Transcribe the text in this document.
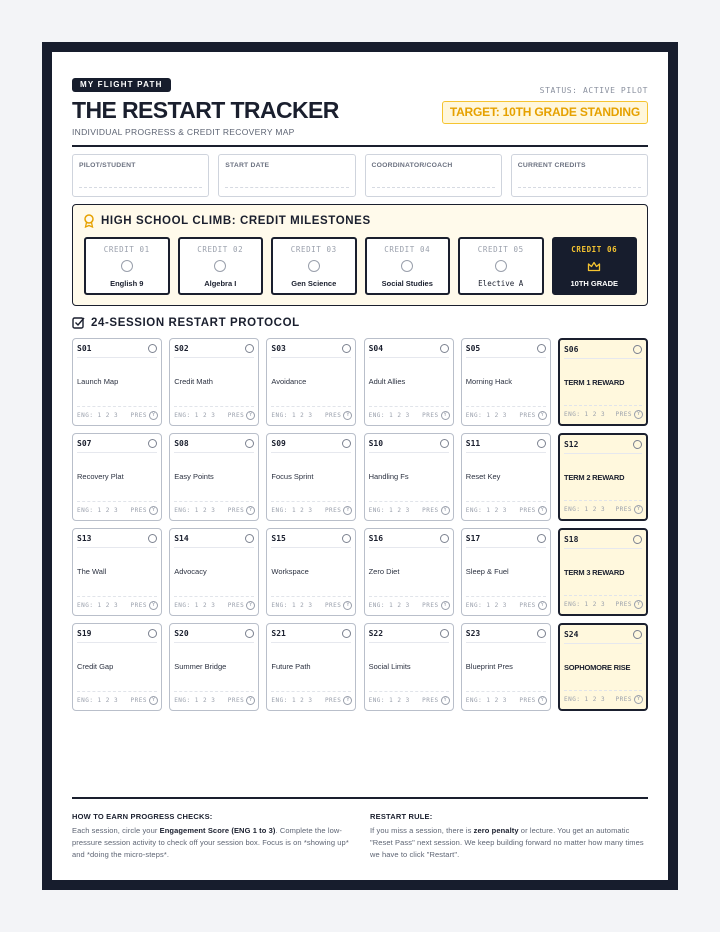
MY FLIGHT PATH
STATUS: ACTIVE PILOT
THE RESTART TRACKER
INDIVIDUAL PROGRESS & CREDIT RECOVERY MAP
TARGET: 10TH GRADE STANDING
PILOT/STUDENT	START DATE	COORDINATOR/COACH	CURRENT CREDITS
HIGH SCHOOL CLIMB: CREDIT MILESTONES
CREDIT 01
English 9
CREDIT 02
Algebra I
CREDIT 03
Gen Science
CREDIT 04
Social Studies
CREDIT 05
Elective A
CREDIT 06
10TH GRADE
24-SESSION RESTART PROTOCOL
S01
Launch Map
ENG: 1 2 3 PRES Y
S02
Credit Math
ENG: 1 2 3 PRES Y
S03
Avoidance
ENG: 1 2 3 PRES Y
S04
Adult Allies
ENG: 1 2 3 PRES Y
S05
Morning Hack
ENG: 1 2 3 PRES Y
S06
TERM 1 REWARD
ENG: 1 2 3 PRES Y
S07
Recovery Plat
ENG: 1 2 3 PRES Y
S08
Easy Points
ENG: 1 2 3 PRES Y
S09
Focus Sprint
ENG: 1 2 3 PRES Y
S10
Handling Fs
ENG: 1 2 3 PRES Y
S11
Reset Key
ENG: 1 2 3 PRES Y
S12
TERM 2 REWARD
ENG: 1 2 3 PRES Y
S13
The Wall
ENG: 1 2 3 PRES Y
S14
Advocacy
ENG: 1 2 3 PRES Y
S15
Workspace
ENG: 1 2 3 PRES Y
S16
Zero Diet
ENG: 1 2 3 PRES Y
S17
Sleep & Fuel
ENG: 1 2 3 PRES Y
S18
TERM 3 REWARD
ENG: 1 2 3 PRES Y
S19
Credit Gap
ENG: 1 2 3 PRES Y
S20
Summer Bridge
ENG: 1 2 3 PRES Y
S21
Future Path
ENG: 1 2 3 PRES Y
S22
Social Limits
ENG: 1 2 3 PRES Y
S23
Blueprint Pres
ENG: 1 2 3 PRES Y
S24
SOPHOMORE RISE
ENG: 1 2 3 PRES Y
HOW TO EARN PROGRESS CHECKS:
Each session, circle your Engagement Score (ENG 1 to 3). Complete the low-pressure session activity to check off your session box. Focus is on *showing up* and *doing the micro-steps*.
RESTART RULE:
If you miss a session, there is zero penalty or lecture. You get an automatic "Reset Pass" next session. We keep building forward no matter how many times we have to click "Restart".
